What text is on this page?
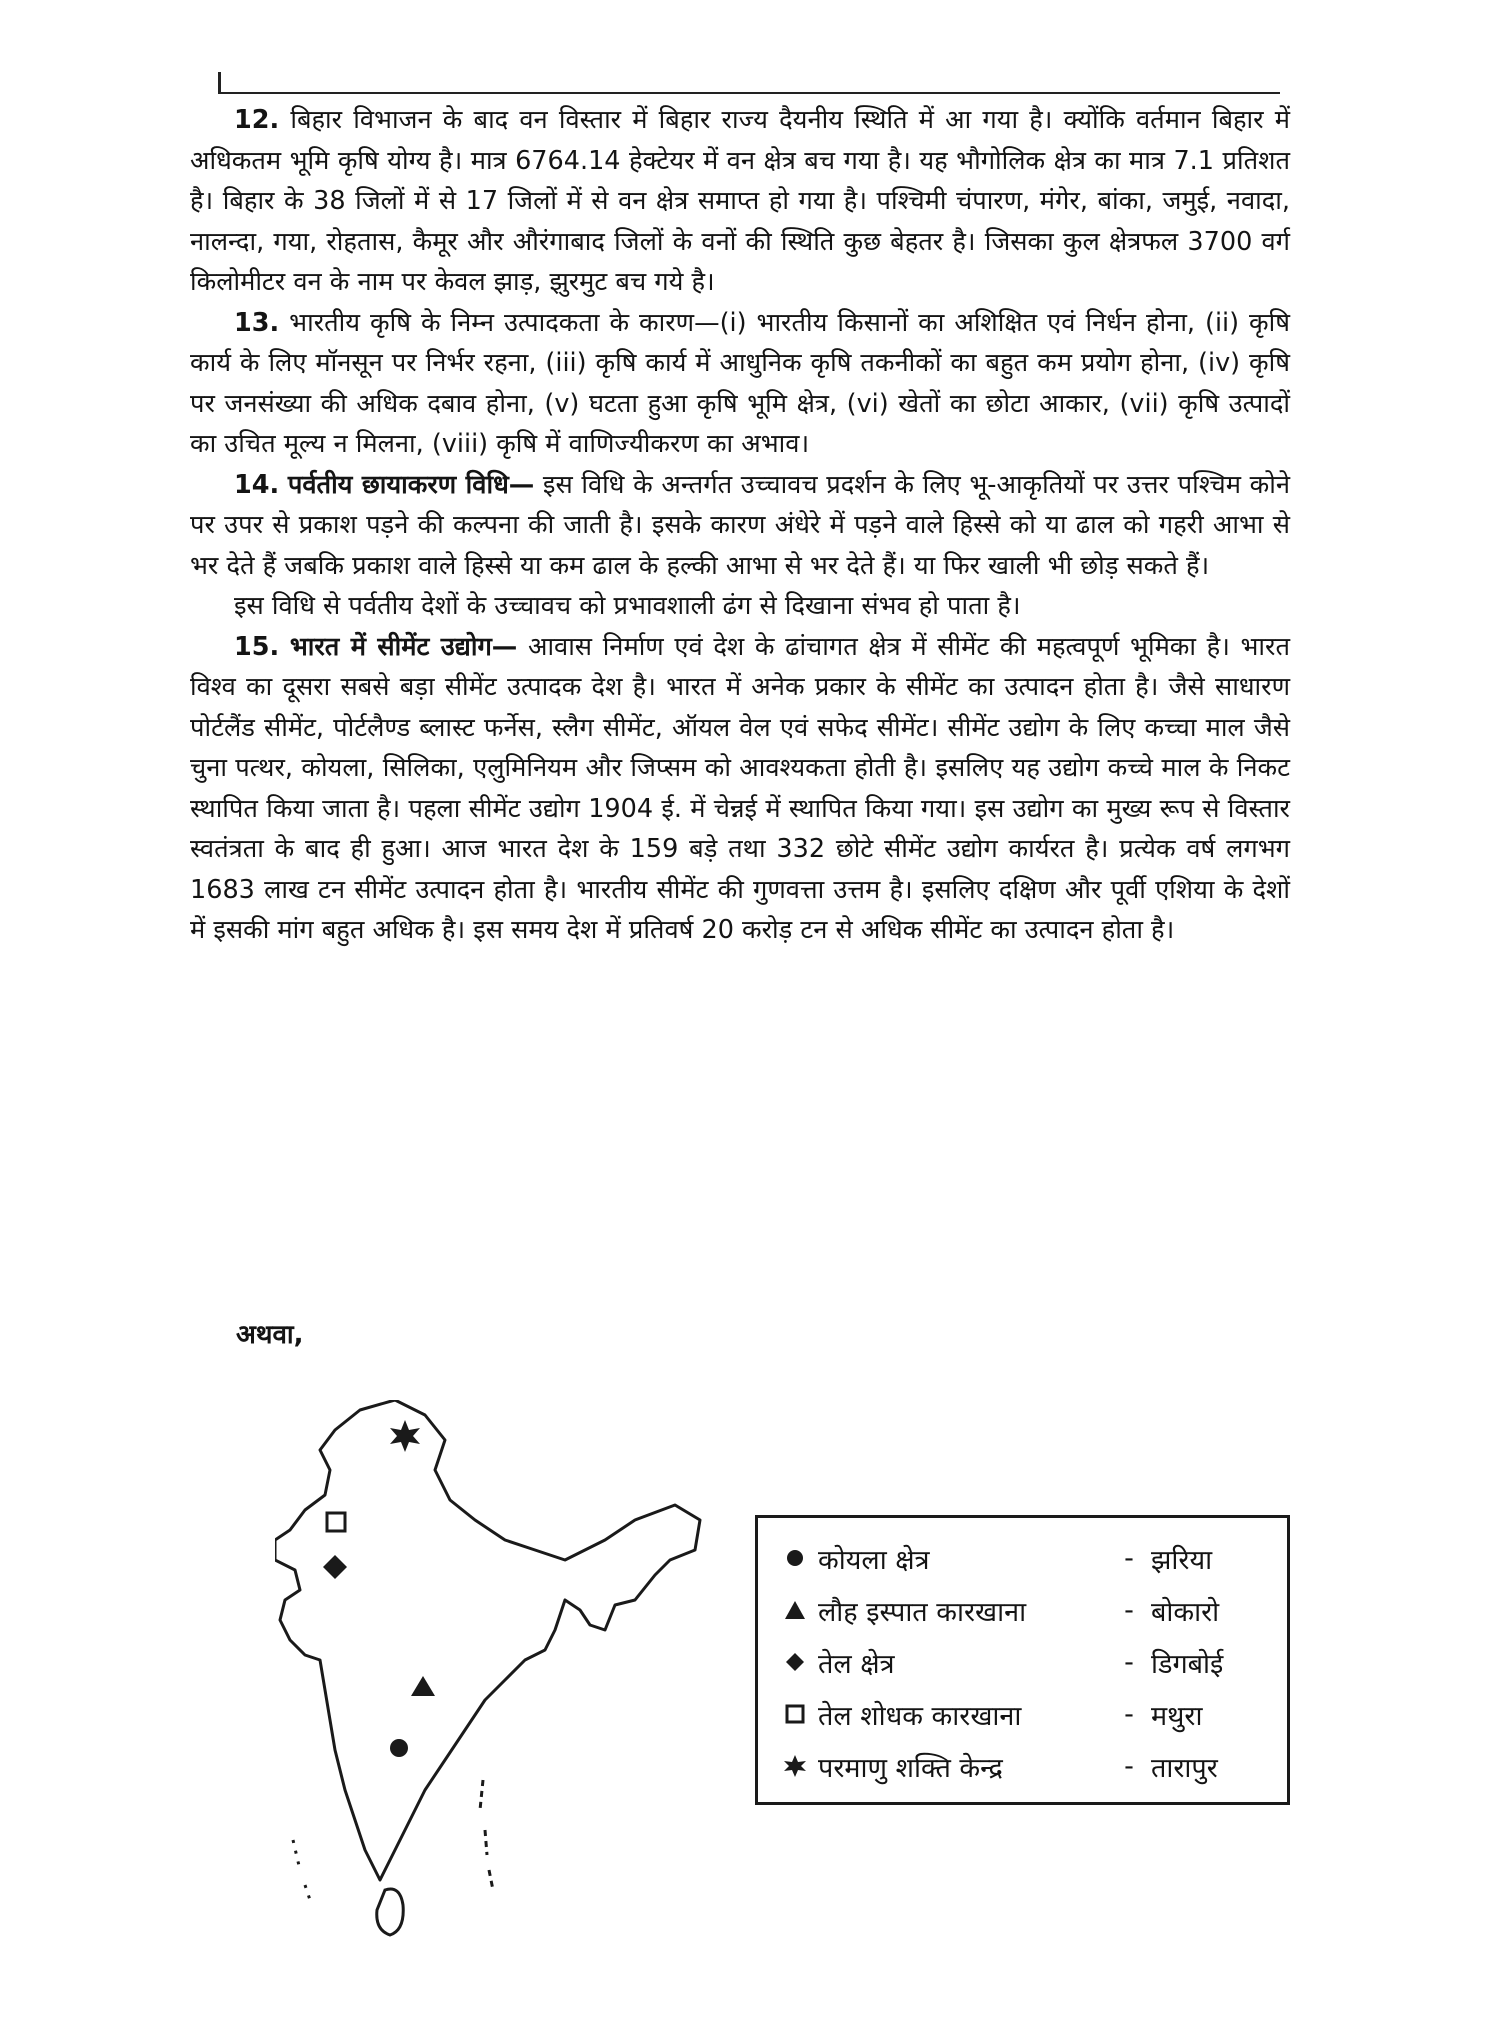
12. बिहार विभाजन के बाद वन विस्तार में बिहार राज्य दैयनीय स्थिति में आ गया है। क्योंकि वर्तमान बिहार में अधिकतम भूमि कृषि योग्य है। मात्र 6764.14 हेक्टेयर में वन क्षेत्र बच गया है। यह भौगोलिक क्षेत्र का मात्र 7.1 प्रतिशत है। बिहार के 38 जिलों में से 17 जिलों में से वन क्षेत्र समाप्त हो गया है। पश्चिमी चंपारण, मंगेर, बांका, जमुई, नवादा, नालन्दा, गया, रोहतास, कैमूर और औरंगाबाद जिलों के वनों की स्थिति कुछ बेहतर है। जिसका कुल क्षेत्रफल 3700 वर्ग किलोमीटर वन के नाम पर केवल झाड़, झुरमुट बच गये है।

13. भारतीय कृषि के निम्न उत्पादकता के कारण—(i) भारतीय किसानों का अशिक्षित एवं निर्धन होना, (ii) कृषि कार्य के लिए मॉनसून पर निर्भर रहना, (iii) कृषि कार्य में आधुनिक कृषि तकनीकों का बहुत कम प्रयोग होना, (iv) कृषि पर जनसंख्या की अधिक दबाव होना, (v) घटता हुआ कृषि भूमि क्षेत्र, (vi) खेतों का छोटा आकार, (vii) कृषि उत्पादों का उचित मूल्य न मिलना, (viii) कृषि में वाणिज्यीकरण का अभाव।

14. पर्वतीय छायाकरण विधि— इस विधि के अन्तर्गत उच्चावच प्रदर्शन के लिए भू-आकृतियों पर उत्तर पश्चिम कोने पर उपर से प्रकाश पड़ने की कल्पना की जाती है। इसके कारण अंधेरे में पड़ने वाले हिस्से को या ढाल को गहरी आभा से भर देते हैं जबकि प्रकाश वाले हिस्से या कम ढाल के हल्की आभा से भर देते हैं। या फिर खाली भी छोड़ सकते हैं।

इस विधि से पर्वतीय देशों के उच्चावच को प्रभावशाली ढंग से दिखाना संभव हो पाता है।

15. भारत में सीमेंट उद्योग— आवास निर्माण एवं देश के ढांचागत क्षेत्र में सीमेंट की महत्वपूर्ण भूमिका है। भारत विश्व का दूसरा सबसे बड़ा सीमेंट उत्पादक देश है। भारत में अनेक प्रकार के सीमेंट का उत्पादन होता है। जैसे साधारण पोर्टलैंड सीमेंट, पोर्टलैण्ड ब्लास्ट फर्नेस, स्लैग सीमेंट, ऑयल वेल एवं सफेद सीमेंट। सीमेंट उद्योग के लिए कच्चा माल जैसे चुना पत्थर, कोयला, सिलिका, एलुमिनियम और जिप्सम को आवश्यकता होती है। इसलिए यह उद्योग कच्चे माल के निकट स्थापित किया जाता है। पहला सीमेंट उद्योग 1904 ई. में चेन्नई में स्थापित किया गया। इस उद्योग का मुख्य रूप से विस्तार स्वतंत्रता के बाद ही हुआ। आज भारत देश के 159 बड़े तथा 332 छोटे सीमेंट उद्योग कार्यरत है। प्रत्येक वर्ष लगभग 1683 लाख टन सीमेंट उत्पादन होता है। भारतीय सीमेंट की गुणवत्ता उत्तम है। इसलिए दक्षिण और पूर्वी एशिया के देशों में इसकी मांग बहुत अधिक है। इस समय देश में प्रतिवर्ष 20 करोड़ टन से अधिक सीमेंट का उत्पादन होता है।

अथवा,
कोयला क्षेत्र	- झरिया
लौह इस्पात कारखाना	- बोकारो
तेल क्षेत्र	- डिगबोई
तेल शोधक कारखाना	- मथुरा
परमाणु शक्ति केन्द्र	- तारापुर
